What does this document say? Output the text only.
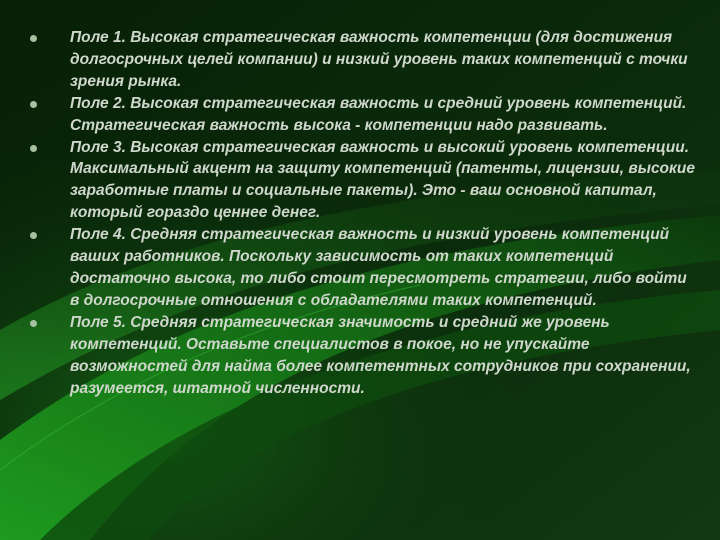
Поле 1. Высокая стратегическая важность компетенции (для достижения долгосрочных целей компании) и низкий уровень таких компетенций с точки зрения рынка.
Поле 2. Высокая стратегическая важность и средний уровень компетенций. Стратегическая важность высока - компетенции надо развивать.
Поле 3. Высокая стратегическая важность и высокий уровень компетенции. Максимальный акцент на защиту компетенций (патенты, лицензии, высокие заработные платы и социальные пакеты). Это - ваш основной капитал, который гораздо ценнее денег.
Поле 4. Средняя стратегическая важность и низкий уровень компетенций ваших работников. Поскольку зависимость от таких компетенций достаточно высока, то либо стоит пересмотреть стратегии, либо войти в долгосрочные отношения с обладателями таких компетенций.
Поле 5. Средняя стратегическая значимость и средний же уровень компетенций. Оставьте специалистов в покое, но не упускайте возможностей для найма более компетентных сотрудников при сохранении, разумеется, штатной численности.
